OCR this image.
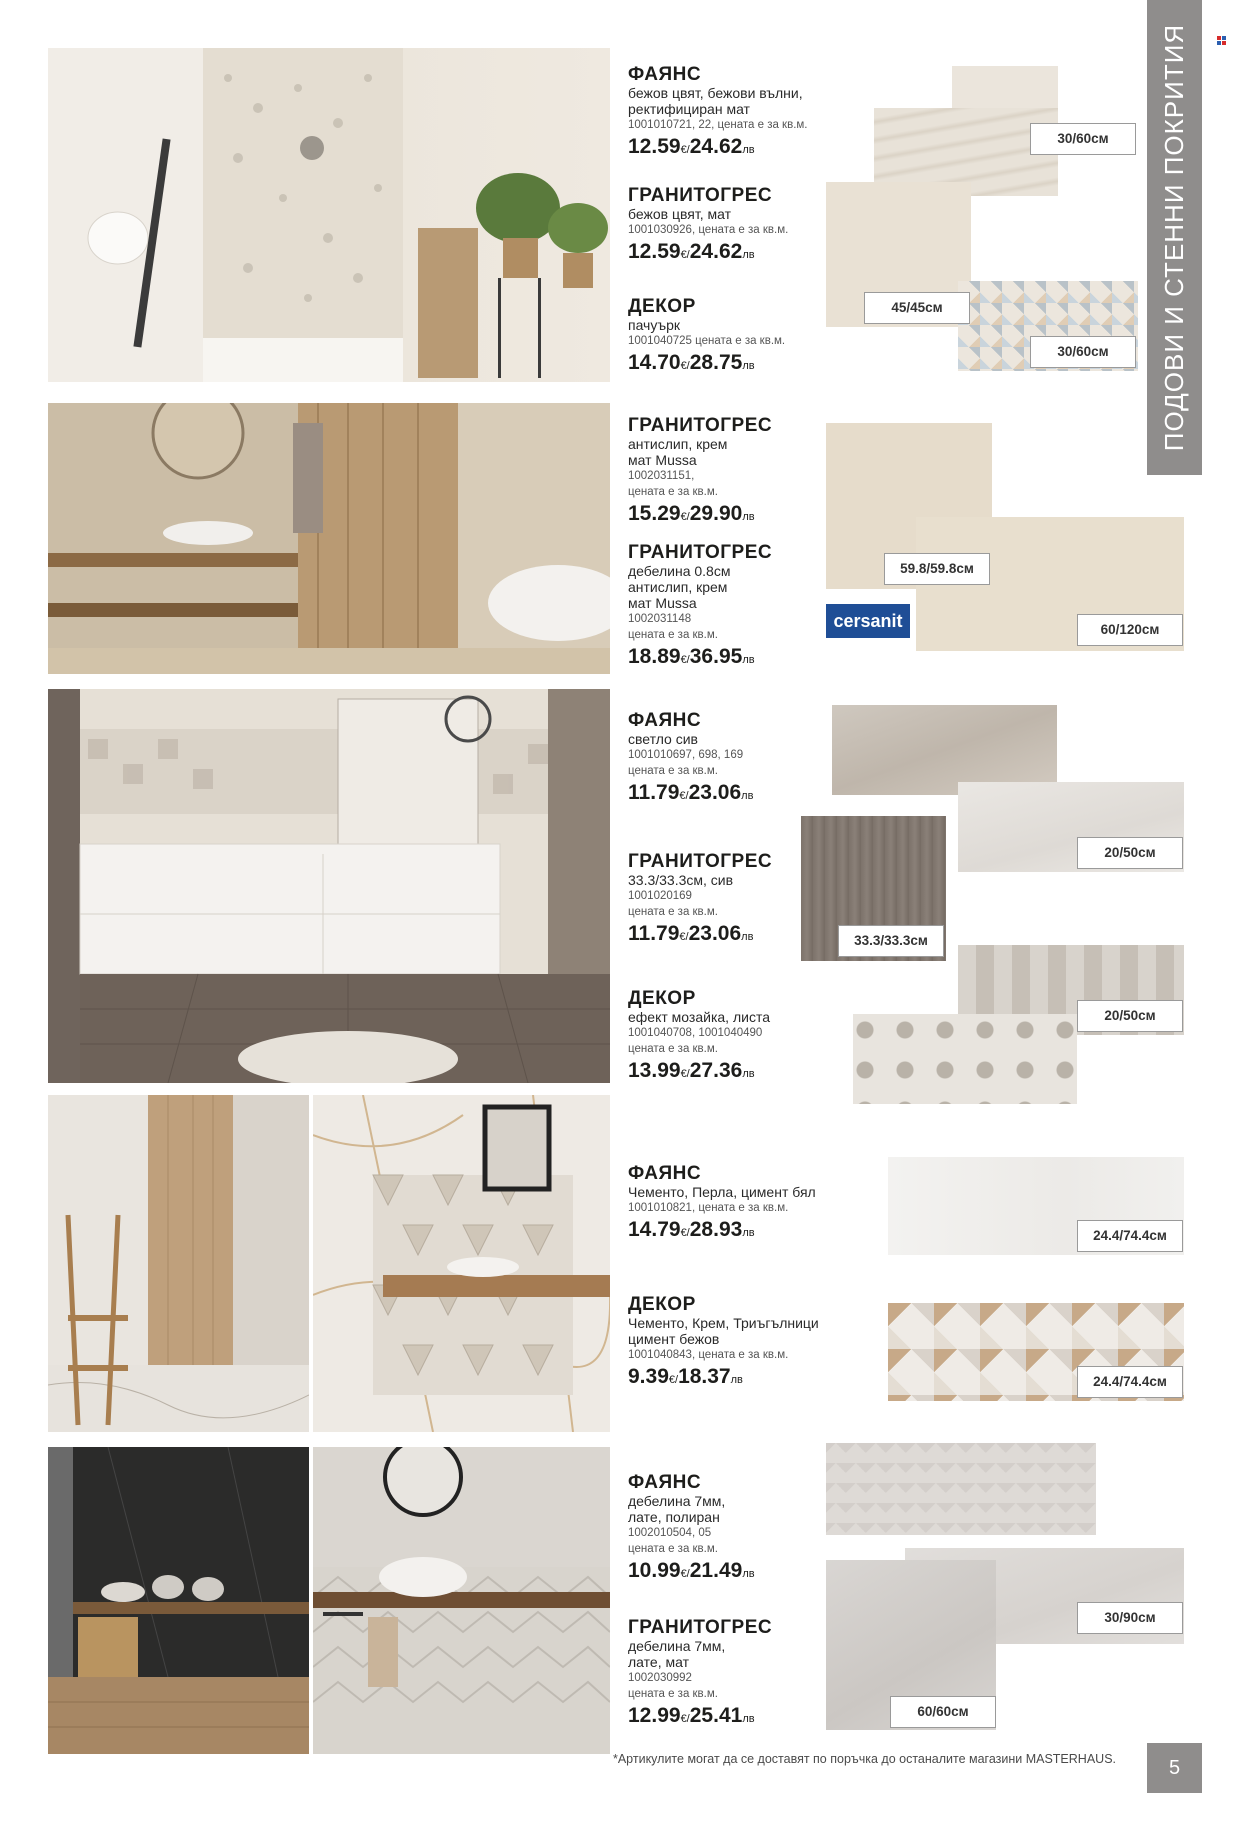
ПОДОВИ И СТЕННИ ПОКРИТИЯ
ФАЯНС
бежов цвят, бежови вълни,
ректифициран мат
1001010721, 22, цената е за кв.м.
12.59€/24.62лв
ГРАНИТОГРЕС
бежов цвят, мат
1001030926, цената е за кв.м.
12.59€/24.62лв
ДЕКОР
пачуърк
1001040725 цената е за кв.м.
14.70€/28.75лв
ГРАНИТОГРЕС
антислип, крем
мат Mussa
1002031151,
цената е за кв.м.
15.29€/29.90лв
ГРАНИТОГРЕС
дебелина 0.8см
антислип, крем
мат Mussa
1002031148
цената е за кв.м.
18.89€/36.95лв
ФАЯНС
светло сив
1001010697, 698, 169
цената е за кв.м.
11.79€/23.06лв
ГРАНИТОГРЕС
33.3/33.3см, сив
1001020169
цената е за кв.м.
11.79€/23.06лв
ДЕКОР
ефект мозайка, листа
1001040708, 1001040490
цената е за кв.м.
13.99€/27.36лв
ФАЯНС
Чементо, Перла, цимент бял
1001010821, цената е за кв.м.
14.79€/28.93лв
ДЕКОР
Чементо, Крем, Триъгълници
цимент бежов
1001040843, цената е за кв.м.
9.39€/18.37лв
ФАЯНС
дебелина 7мм,
лате, полиран
1002010504, 05
цената е за кв.м.
10.99€/21.49лв
ГРАНИТОГРЕС
дебелина 7мм,
лате, мат
1002030992
цената е за кв.м.
12.99€/25.41лв
30/60см
45/45см
30/60см
59.8/59.8см
cersanit	60/120см
20/50см
33.3/33.3см
20/50см
24.4/74.4см
24.4/74.4см
30/90см
60/60см
*Артикулите могат да се доставят по поръчка до останалите магазини MASTERHAUS.	5
